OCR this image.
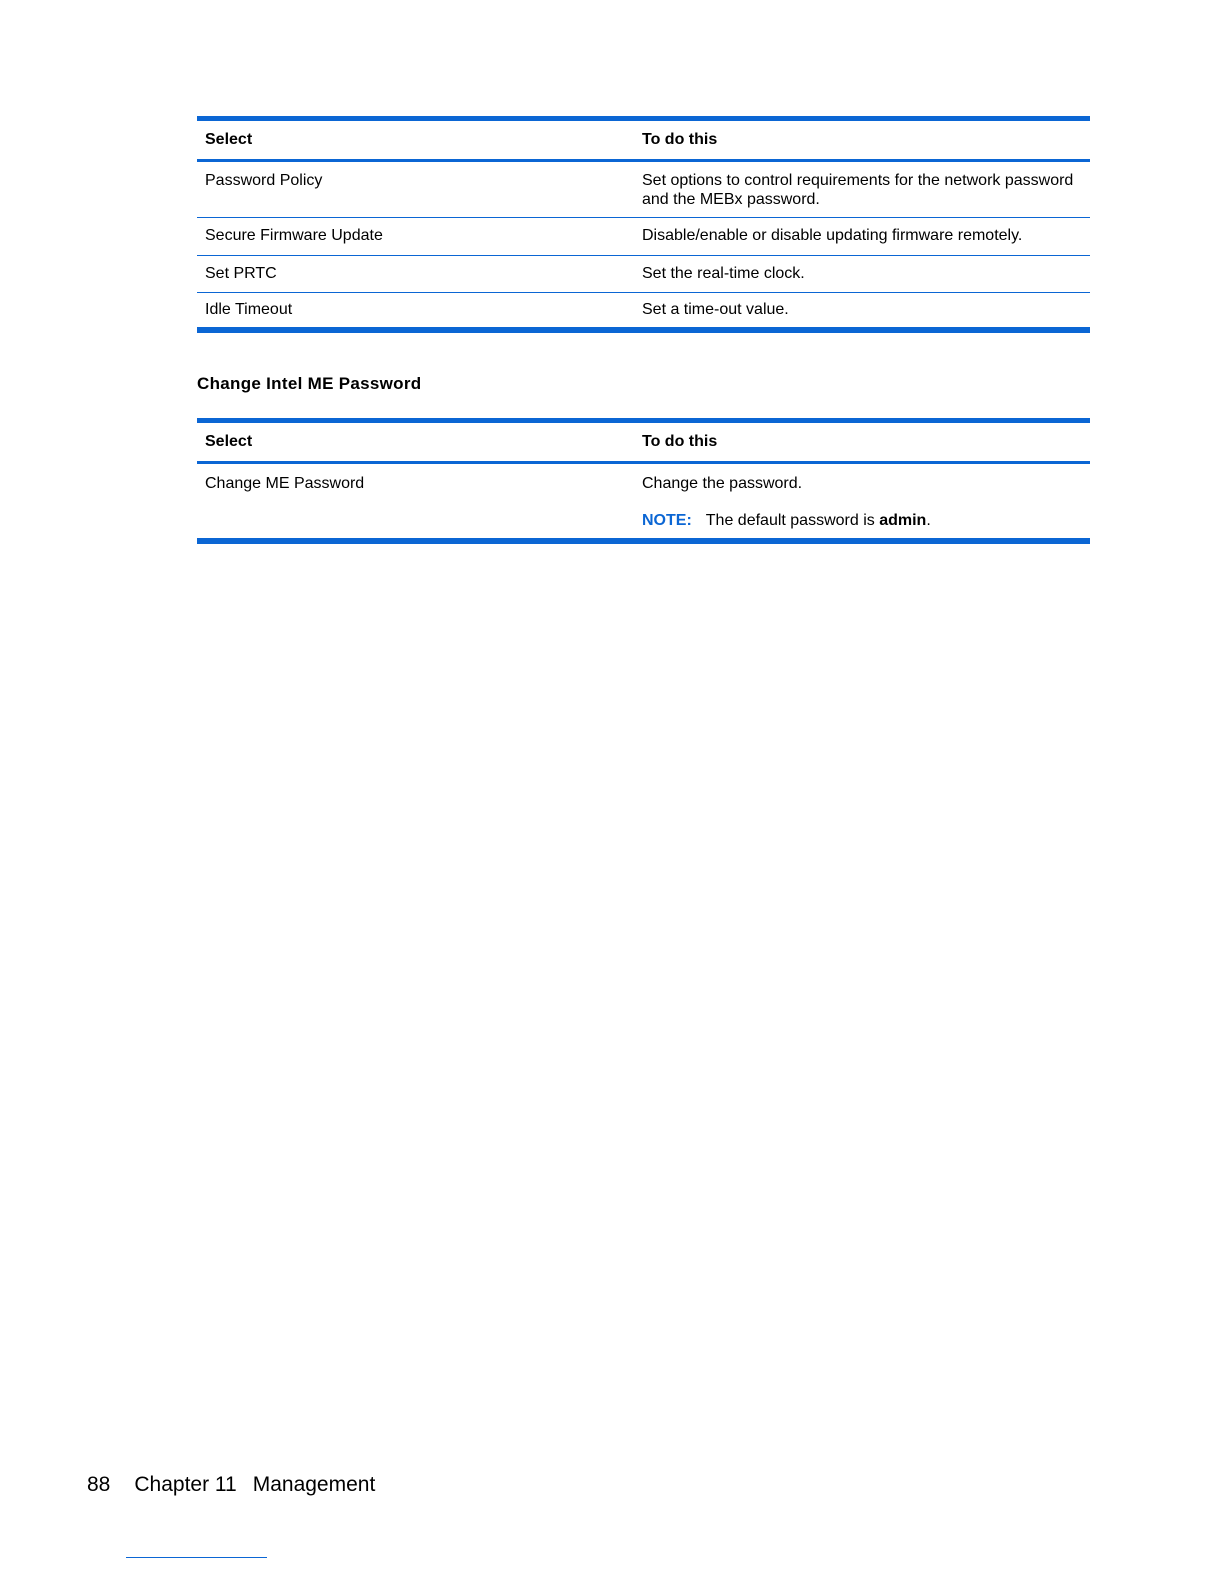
Select	To do this
Password Policy	Set options to control requirements for the network password and the MEBx password.
Secure Firmware Update	Disable/enable or disable updating firmware remotely.
Set PRTC	Set the real-time clock.
Idle Timeout	Set a time-out value.
Change Intel ME Password
Select	To do this
Change ME Password	Change the password.
NOTE: The default password is admin.
88 Chapter 11 Management
